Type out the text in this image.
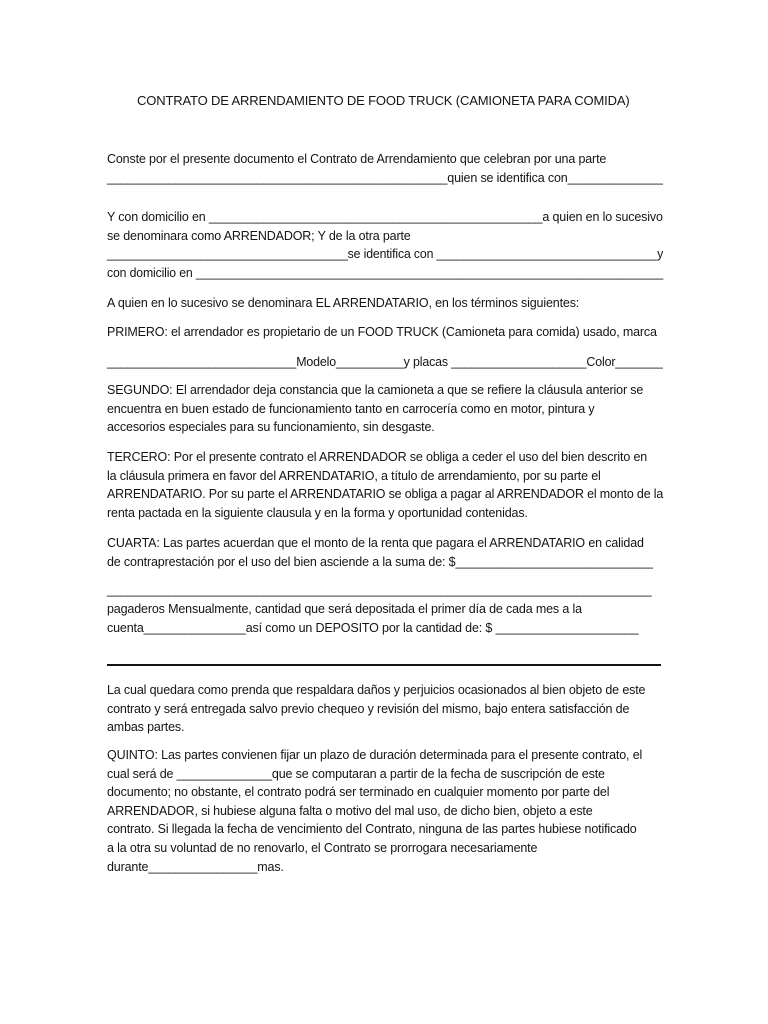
CONTRATO DE ARRENDAMIENTO DE FOOD TRUCK (CAMIONETA PARA COMIDA)
Conste por el presente documento el Contrato de Arrendamiento que celebran por una parte
__________________________________________________quien se identifica con______________
Y con domicilio en _________________________________________________a quien en lo sucesivo
se denominara como ARRENDADOR; Y de la otra parte
____________________________________se identifica con _________________________________y
con domicilio en ______________________________________________________________________
A quien en lo sucesivo se denominara EL ARRENDATARIO, en los términos siguientes:
PRIMERO: el arrendador es propietario de un FOOD TRUCK (Camioneta para comida) usado, marca
____________________________Modelo__________y placas ____________________Color_______
SEGUNDO: El arrendador deja constancia que la camioneta a que se refiere la cláusula anterior se
encuentra en buen estado de funcionamiento tanto en carrocería como en motor, pintura y
accesorios especiales para su funcionamiento, sin desgaste.
TERCERO: Por el presente contrato el ARRENDADOR se obliga a ceder el uso del bien descrito en
la cláusula primera en favor del ARRENDATARIO, a título de arrendamiento, por su parte el
ARRENDATARIO. Por su parte el ARRENDATARIO se obliga a pagar al ARRENDADOR el monto de la
renta pactada en la siguiente clausula y en la forma y oportunidad contenidas.
CUARTA: Las partes acuerdan que el monto de la renta que pagara el ARRENDATARIO en calidad
de contraprestación por el uso del bien asciende a la suma de: $_____________________________
________________________________________________________________________________
pagaderos Mensualmente, cantidad que será depositada el primer día de cada mes a la
cuenta_______________así como un DEPOSITO por la cantidad de: $ _____________________
La cual quedara como prenda que respaldara daños y perjuicios ocasionados al bien objeto de este
contrato y será entregada salvo previo chequeo y revisión del mismo, bajo entera satisfacción de
ambas partes.
QUINTO: Las partes convienen fijar un plazo de duración determinada para el presente contrato, el
cual será de ______________que se computaran a partir de la fecha de suscripción de este
documento; no obstante, el contrato podrá ser terminado en cualquier momento por parte del
ARRENDADOR, si hubiese alguna falta o motivo del mal uso, de dicho bien, objeto a este
contrato. Si llegada la fecha de vencimiento del Contrato, ninguna de las partes hubiese notificado
a la otra su voluntad de no renovarlo, el Contrato se prorrogara necesariamente
durante________________mas.
